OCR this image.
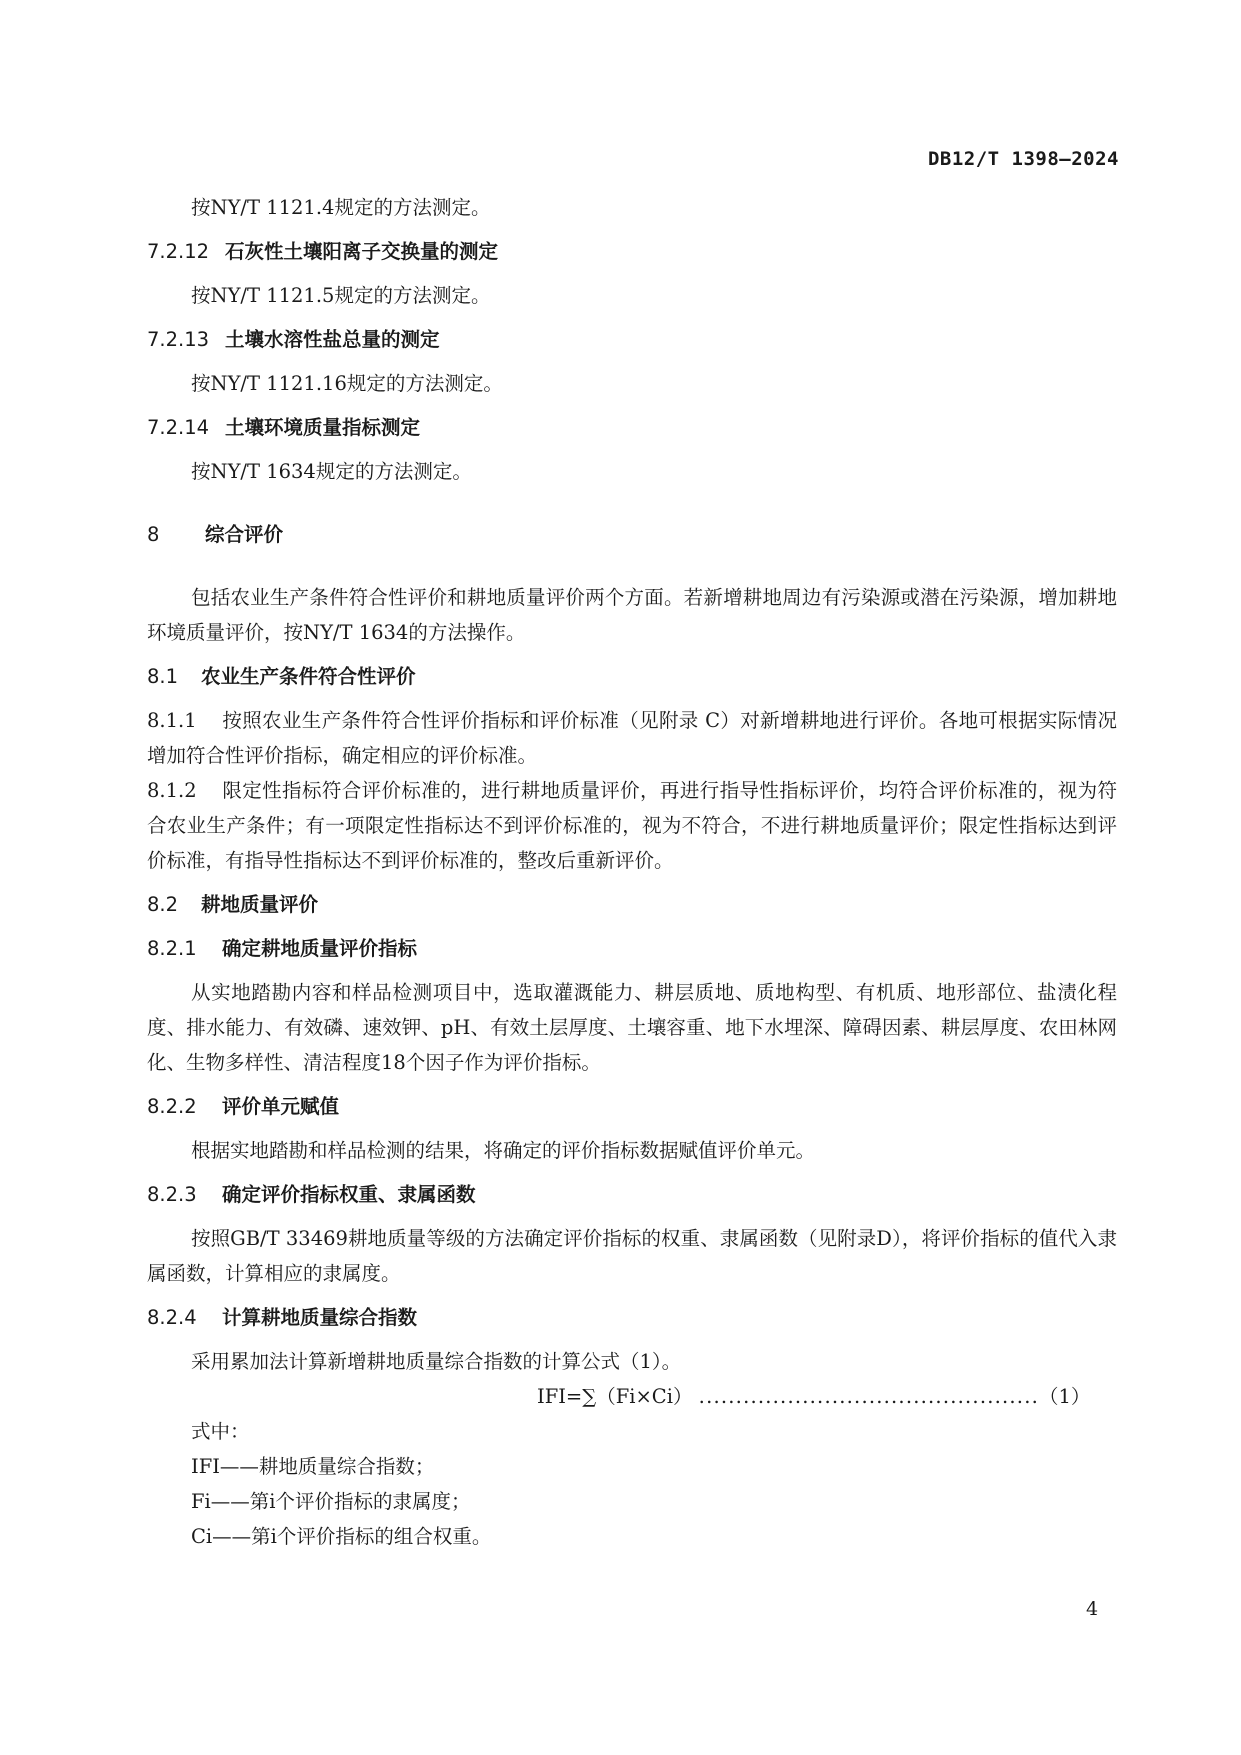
DB12/T 1398—2024

按NY/T 1121.4规定的方法测定。

7.2.12 石灰性土壤阳离子交换量的测定

按NY/T 1121.5规定的方法测定。

7.2.13 土壤水溶性盐总量的测定

按NY/T 1121.16规定的方法测定。

7.2.14 土壤环境质量指标测定

按NY/T 1634规定的方法测定。

8 综合评价

包括农业生产条件符合性评价和耕地质量评价两个方面。若新增耕地周边有污染源或潜在污染源，增加耕地环境质量评价，按NY/T 1634的方法操作。

8.1 农业生产条件符合性评价

8.1.1 按照农业生产条件符合性评价指标和评价标准（见附录 C）对新增耕地进行评价。各地可根据实际情况增加符合性评价指标，确定相应的评价标准。

8.1.2 限定性指标符合评价标准的，进行耕地质量评价，再进行指导性指标评价，均符合评价标准的，视为符合农业生产条件；有一项限定性指标达不到评价标准的，视为不符合，不进行耕地质量评价；限定性指标达到评价标准，有指导性指标达不到评价标准的，整改后重新评价。

8.2 耕地质量评价

8.2.1 确定耕地质量评价指标

从实地踏勘内容和样品检测项目中，选取灌溉能力、耕层质地、质地构型、有机质、地形部位、盐渍化程度、排水能力、有效磷、速效钾、pH、有效土层厚度、土壤容重、地下水埋深、障碍因素、耕层厚度、农田林网化、生物多样性、清洁程度18个因子作为评价指标。

8.2.2 评价单元赋值

根据实地踏勘和样品检测的结果，将确定的评价指标数据赋值评价单元。

8.2.3 确定评价指标权重、隶属函数

按照GB/T 33469耕地质量等级的方法确定评价指标的权重、隶属函数（见附录D），将评价指标的值代入隶属函数，计算相应的隶属度。

8.2.4 计算耕地质量综合指数

采用累加法计算新增耕地质量综合指数的计算公式（1）。

IFI=∑（Fi×Ci） ..............................................（1）

式中：

IFI——耕地质量综合指数；

Fi——第i个评价指标的隶属度；

Ci——第i个评价指标的组合权重。

4
